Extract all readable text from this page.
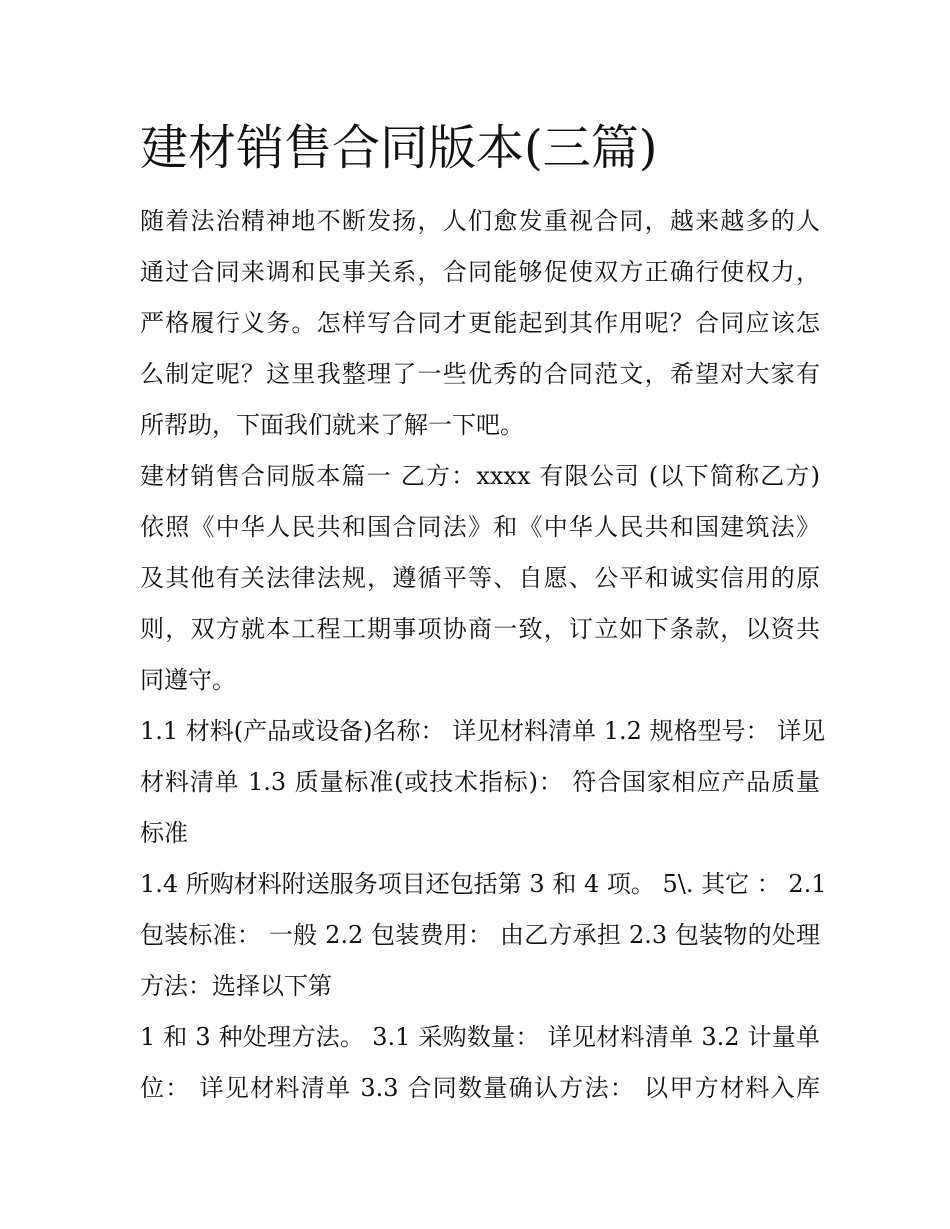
建材销售合同版本(三篇)

随着法治精神地不断发扬，人们愈发重视合同，越来越多的人
通过合同来调和民事关系，合同能够促使双方正确行使权力，
严格履行义务。怎样写合同才更能起到其作用呢？合同应该怎
么制定呢？这里我整理了一些优秀的合同范文，希望对大家有
所帮助，下面我们就来了解一下吧。

建材销售合同版本篇一 乙方：xxxx 有限公司 (以下简称乙方)
依照《中华人民共和国合同法》和《中华人民共和国建筑法》
及其他有关法律法规，遵循平等、自愿、公平和诚实信用的原
则，双方就本工程工期事项协商一致，订立如下条款，以资共
同遵守。

1.1 材料(产品或设备)名称： 详见材料清单 1.2 规格型号： 详见
材料清单 1.3 质量标准(或技术指标)： 符合国家相应产品质量
标准

1.4 所购材料附送服务项目还包括第 3 和 4 项。 5\. 其它 ： 2.1
包装标准： 一般 2.2 包装费用： 由乙方承担 2.3 包装物的处理
方法：选择以下第

1 和 3 种处理方法。 3.1 采购数量： 详见材料清单 3.2 计量单
位： 详见材料清单 3.3 合同数量确认方法： 以甲方材料入库
